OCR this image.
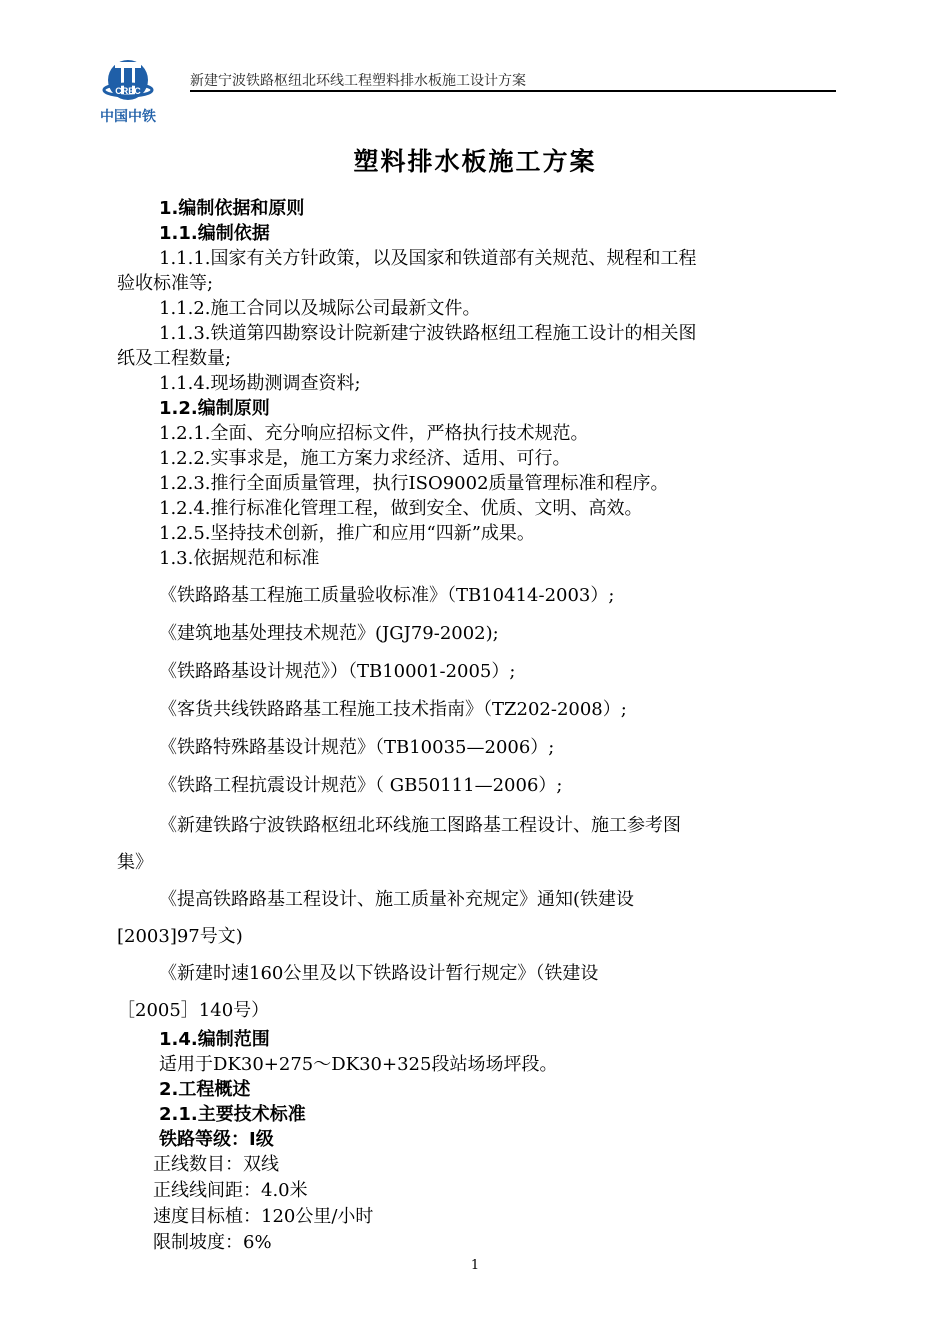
CREC
中国中铁
新建宁波铁路枢纽北环线工程塑料排水板施工设计方案
塑料排水板施工方案
1.编制依据和原则
1.1.编制依据
1.1.1.国家有关方针政策，以及国家和铁道部有关规范、规程和工程
验收标准等;
1.1.2.施工合同以及城际公司最新文件。
1.1.3.铁道第四勘察设计院新建宁波铁路枢纽工程施工设计的相关图
纸及工程数量;
1.1.4.现场勘测调查资料;
1.2.编制原则
1.2.1.全面、充分响应招标文件，严格执行技术规范。
1.2.2.实事求是，施工方案力求经济、适用、可行。
1.2.3.推行全面质量管理，执行ISO9002质量管理标准和程序。
1.2.4.推行标准化管理工程，做到安全、优质、文明、高效。
1.2.5.坚持技术创新，推广和应用“四新”成果。
1.3.依据规范和标准
《铁路路基工程施工质量验收标准》（TB10414-2003）;
《建筑地基处理技术规范》(JGJ79-2002);
《铁路路基设计规范》）（TB10001-2005）;
《客货共线铁路路基工程施工技术指南》（TZ202-2008）;
《铁路特殊路基设计规范》（TB10035—2006）;
《铁路工程抗震设计规范》（ GB50111—2006）;
《新建铁路宁波铁路枢纽北环线施工图路基工程设计、施工参考图
集》
《提高铁路路基工程设计、施工质量补充规定》通知(铁建设
[2003]97号文)
《新建时速160公里及以下铁路设计暂行规定》（铁建设
［2005］140号）
1.4.编制范围
适用于DK30+275～DK30+325段站场场坪段。
2.工程概述
2.1.主要技术标准
铁路等级：Ⅰ级
正线数目：双线
正线线间距：4.0米
速度目标植：120公里/小时
限制坡度：6%
1
